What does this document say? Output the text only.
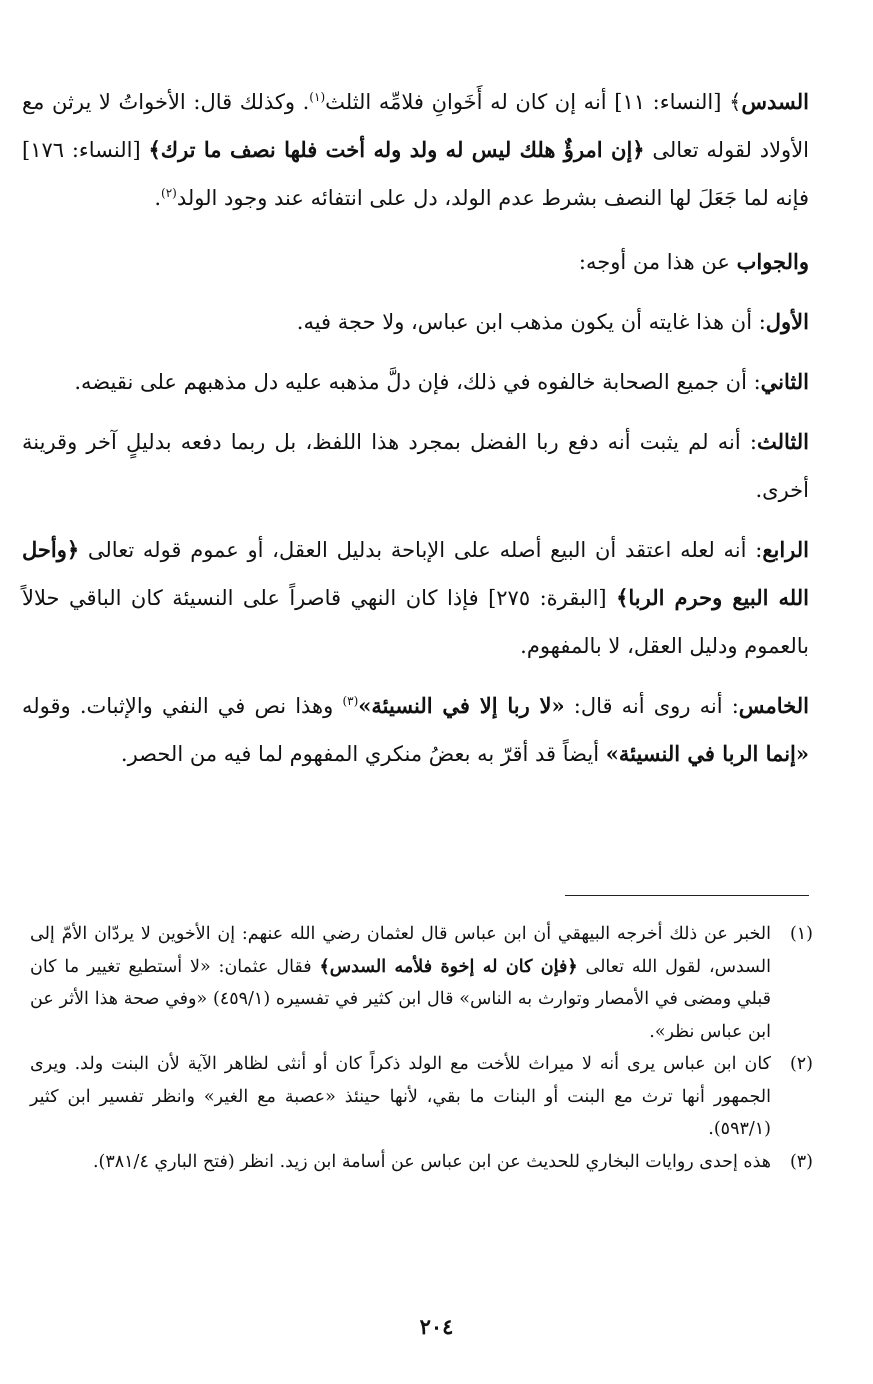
السدس﴾ [النساء: ١١] أنه إن كان له أَخَوانِ فلامِّه الثلث$^{(١)}$. وكذلك قال: الأخواتُ لا يرثن مع الأولاد لقوله تعالى ﴿إن امرؤٌ هلك ليس له ولد وله أخت فلها نصف ما ترك﴾ [النساء: ١٧٦] فإنه لما جَعَلَ لها النصف بشرط عدم الولد، دل على انتفائه عند وجود الولد$^{(٢)}$.

والجواب عن هذا من أوجه:

الأول: أن هذا غايته أن يكون مذهب ابن عباس، ولا حجة فيه.

الثاني: أن جميع الصحابة خالفوه في ذلك، فإن دلَّ مذهبه عليه دل مذهبهم على نقيضه.

الثالث: أنه لم يثبت أنه دفع ربا الفضل بمجرد هذا اللفظ، بل ربما دفعه بدليلٍ آخر وقرينة أخرى.

الرابع: أنه لعله اعتقد أن البيع أصله على الإباحة بدليل العقل، أو عموم قوله تعالى ﴿وأحل الله البيع وحرم الربا﴾ [البقرة: ٢٧٥] فإذا كان النهي قاصراً على النسيئة كان الباقي حلالاً بالعموم ودليل العقل، لا بالمفهوم.

الخامس: أنه روى أنه قال: «لا ربا إلا في النسيئة»$^{(٣)}$ وهذا نص في النفي والإثبات. وقوله «إنما الربا في النسيئة» أيضاً قد أقرّ به بعضُ منكري المفهوم لما فيه من الحصر.

(١)
الخبر عن ذلك أخرجه البيهقي أن ابن عباس قال لعثمان رضي الله عنهم: إن الأخوين لا يردّان الأمّ إلى السدس، لقول الله تعالى ﴿فإن كان له إخوة فلأمه السدس﴾ فقال عثمان: «لا أستطيع تغيير ما كان قبلي ومضى في الأمصار وتوارث به الناس» قال ابن كثير في تفسيره (٤٥٩/١) «وفي صحة هذا الأثر عن ابن عباس نظر».
(٢)
كان ابن عباس يرى أنه لا ميراث للأخت مع الولد ذكراً كان أو أنثى لظاهر الآية لأن البنت ولد. ويرى الجمهور أنها ترث مع البنت أو البنات ما بقي، لأنها حينئذ «عصبة مع الغير» وانظر تفسير ابن كثير (٥٩٣/١).
(٣)
هذه إحدى روايات البخاري للحديث عن ابن عباس عن أسامة ابن زيد. انظر (فتح الباري ٣٨١/٤).
٢٠٤
